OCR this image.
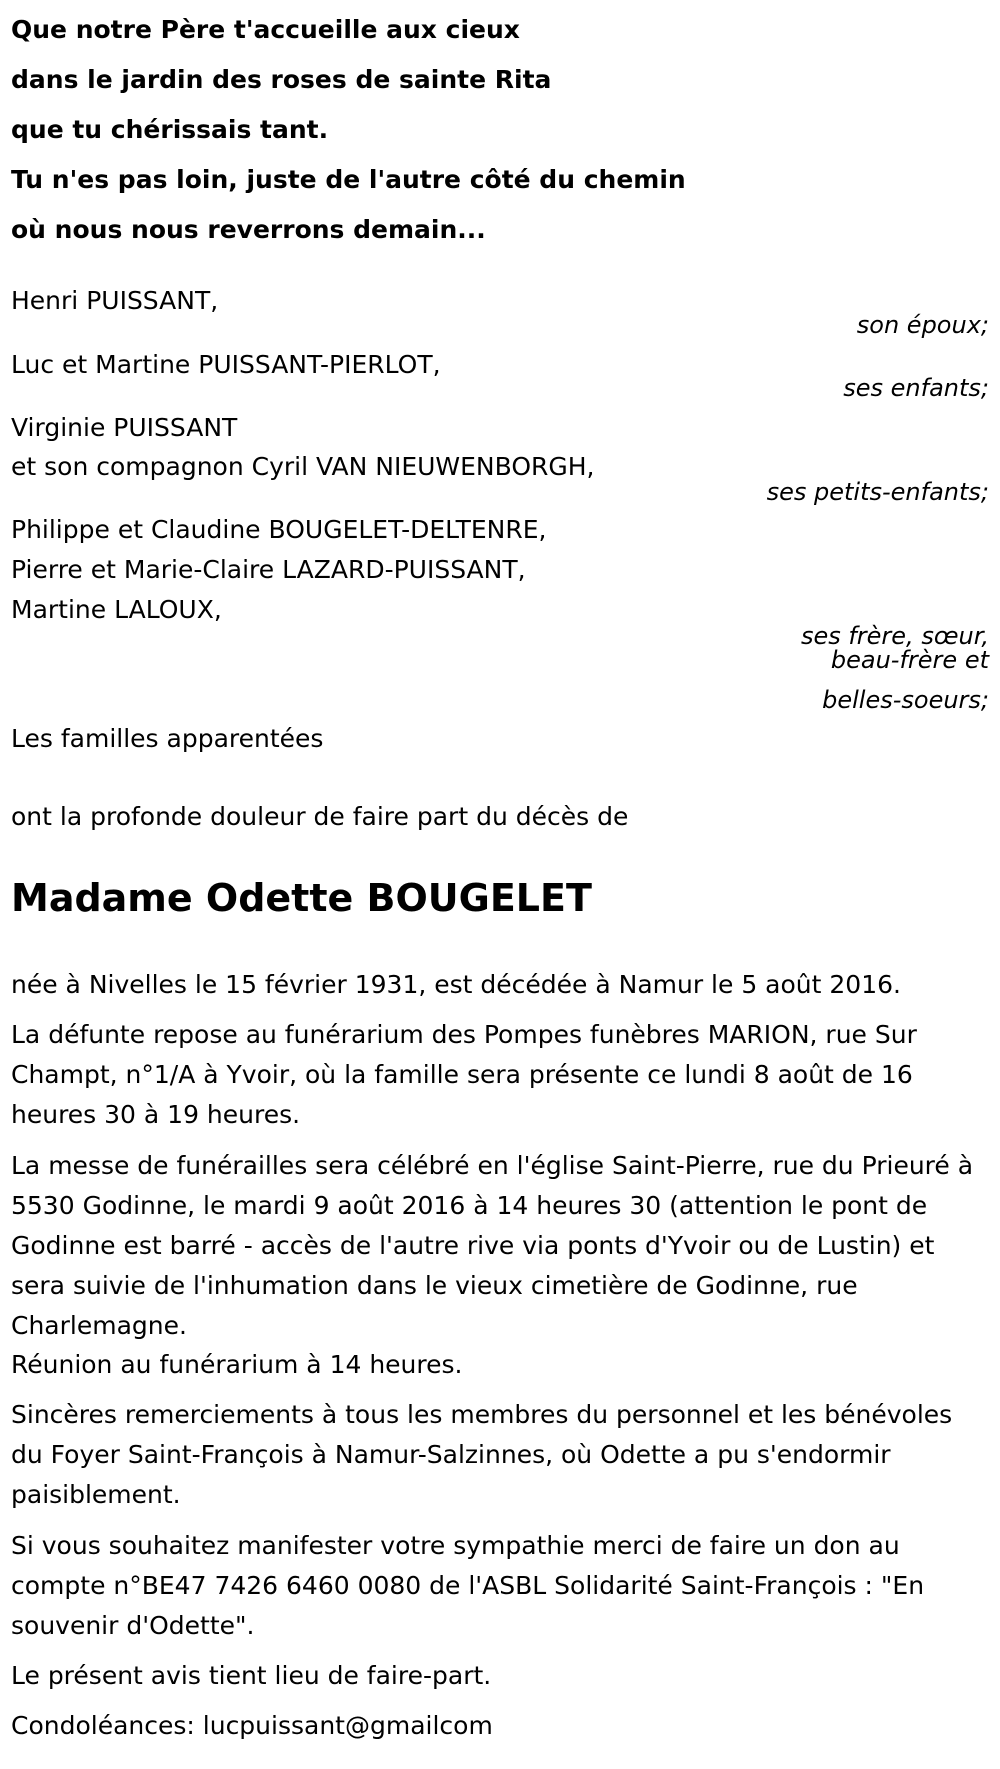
Que notre Père t'accueille aux cieux
dans le jardin des roses de sainte Rita
que tu chérissais tant.
Tu n'es pas loin, juste de l'autre côté du chemin
où nous nous reverrons demain...
Henri PUISSANT,
son époux;
Luc et Martine PUISSANT-PIERLOT,
ses enfants;
Virginie PUISSANT
et son compagnon Cyril VAN NIEUWENBORGH,
ses petits-enfants;
Philippe et Claudine BOUGELET-DELTENRE,
Pierre et Marie-Claire LAZARD-PUISSANT,
Martine LALOUX,
ses frère, sœur,
beau-frère et
belles-soeurs;
Les familles apparentées
ont la profonde douleur de faire part du décès de
Madame Odette BOUGELET
née à Nivelles le 15 février 1931, est décédée à Namur le 5 août 2016.
La défunte repose au funérarium des Pompes funèbres MARION, rue Sur Champt, n°1/A à Yvoir, où la famille sera présente ce lundi 8 août de 16 heures 30 à 19 heures.
La messe de funérailles sera célébré en l'église Saint-Pierre, rue du Prieuré à 5530 Godinne, le mardi 9 août 2016 à 14 heures 30 (attention le pont de Godinne est barré - accès de l'autre rive via ponts d'Yvoir ou de Lustin) et sera suivie de l'inhumation dans le vieux cimetière de Godinne, rue Charlemagne.
Réunion au funérarium à 14 heures.
Sincères remerciements à tous les membres du personnel et les bénévoles du Foyer Saint-François à Namur-Salzinnes, où Odette a pu s'endormir paisiblement.
Si vous souhaitez manifester votre sympathie merci de faire un don au compte n°BE47 7426 6460 0080 de l'ASBL Solidarité Saint-François : "En souvenir d'Odette".
Le présent avis tient lieu de faire-part.
Condoléances: lucpuissant@gmailcom
